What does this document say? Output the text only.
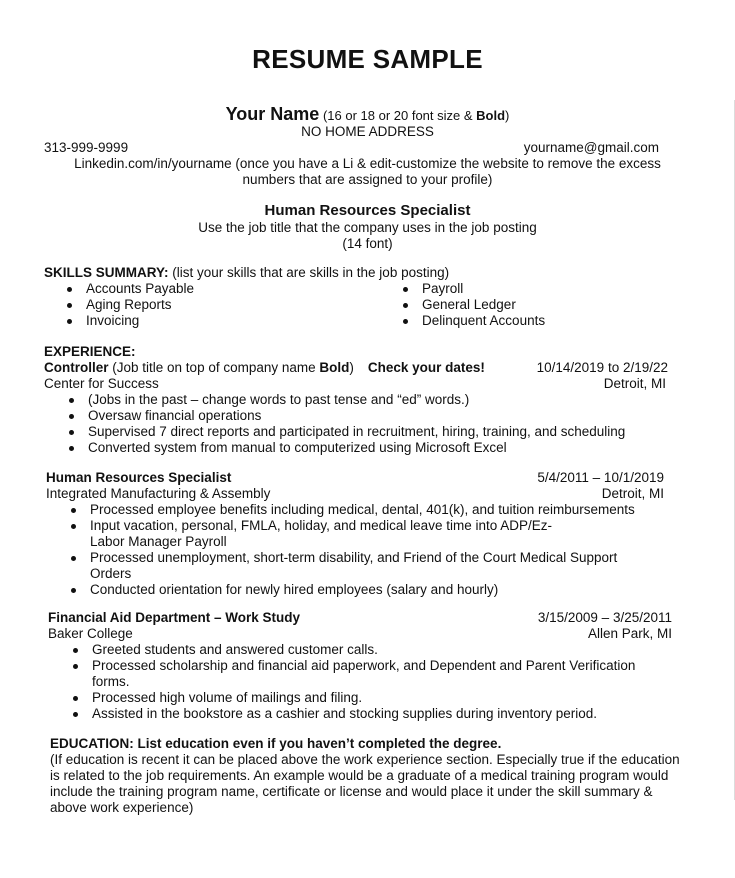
RESUME SAMPLE
Your Name (16 or 18 or 20 font size & Bold)
NO HOME ADDRESS
313-999-9999	yourname@gmail.com
Linkedin.com/in/yourname (once you have a Li & edit-customize the website to remove the excess
numbers that are assigned to your profile)
Human Resources Specialist
Use the job title that the company uses in the job posting
(14 font)
SKILLS SUMMARY: (list your skills that are skills in the job posting)
Accounts Payable
Aging Reports
Invoicing
Payroll
General Ledger
Delinquent Accounts
EXPERIENCE:
Controller (Job title on top of company name Bold) Check your dates!	10/14/2019 to 2/19/22
Center for Success	Detroit, MI
(Jobs in the past – change words to past tense and “ed” words.)
Oversaw financial operations
Supervised 7 direct reports and participated in recruitment, hiring, training, and scheduling
Converted system from manual to computerized using Microsoft Excel
Human Resources Specialist	5/4/2011 – 10/1/2019
Integrated Manufacturing & Assembly	Detroit, MI
Processed employee benefits including medical, dental, 401(k), and tuition reimbursements
Input vacation, personal, FMLA, holiday, and medical leave time into ADP/Ez-Labor Manager Payroll
Processed unemployment, short-term disability, and Friend of the Court Medical Support Orders
Conducted orientation for newly hired employees (salary and hourly)
Financial Aid Department – Work Study	3/15/2009 – 3/25/2011
Baker College	Allen Park, MI
Greeted students and answered customer calls.
Processed scholarship and financial aid paperwork, and Dependent and Parent Verification forms.
Processed high volume of mailings and filing.
Assisted in the bookstore as a cashier and stocking supplies during inventory period.
EDUCATION: List education even if you haven’t completed the degree.
(If education is recent it can be placed above the work experience section. Especially true if the education is related to the job requirements. An example would be a graduate of a medical training program would include the training program name, certificate or license and would place it under the skill summary & above work experience)
